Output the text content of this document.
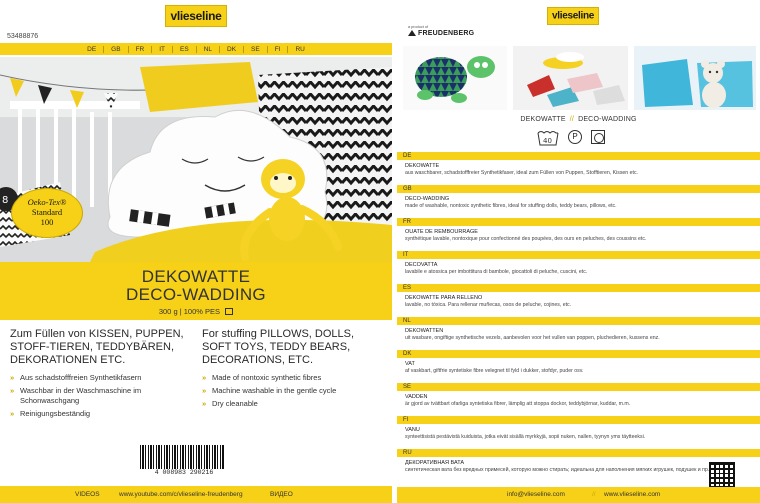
vlieseline
53488876
DE	GB	FR	IT	ES	NL	DK	SE	FI	RU
8	Oeko-Tex®
Standard
100
DEKOWATTE
DECO-WADDING
300 g | 100% PES
Zum Füllen von KISSEN, PUPPEN, STOFF-TIEREN, TEDDYBÄREN, DEKORATIONEN ETC.
» Aus schadstofffreien Synthetikfasern
» Waschbar in der Waschmaschine im Schonwaschgang
» Reinigungsbeständig
For stuffing PILLOWS, DOLLS, SOFT TOYS, TEDDY BEARS, DECORATIONS, ETC.
» Made of nontoxic synthetic fibres
» Machine washable in the gentle cycle
» Dry cleanable
4 008983 290216
VIDEOS	www.youtube.com/c/vlieseline-freudenberg	ВИДЕО
vlieseline
a product of
FREUDENBERG
DEKOWATTE // DECO-WADDING
40	P
DE
DEKOWATTE
aus waschbarer, schadstofffreier Synthetikfaser, ideal zum Füllen von Puppen, Stofftieren, Kissen etc.
GB
DECO-WADDING
made of washable, nontoxic synthetic fibres, ideal for stuffing dolls, teddy bears, pillows, etc.
FR
OUATE DE REMBOURRAGE
synthétique lavable, nontoxique pour confectionné des poupées, des ours en peluches, des coussins etc.
IT
DECOVATTA
lavabile e atossica per imbottitura di bambole, giocattoli di peluche, cuscini, etc.
ES
DEKOWATTE PARA RELLENO
lavable, no tóxica. Para rellenar muñecas, osos de peluche, cojines, etc.
NL
DEKOWATTEN
uit wasbare, ongiftige synthetische vezels, aanbevolen voor het vullen van poppen, pluchedieren, kussens enz.
DK
VAT
af vaskbart, giftfrie syntetiske fibre velegnet til fyld i dukker, stofdyr, puder osv.
SE
VADDEN
är gjord av tvättbart ofarliga syntetiska fibrer, lämplig att stoppa dockor, teddybjörnar, kuddar, m.m.
FI
VANU
synteettisistä pestävistä kuiduista, jotka eivät sisällä myrkkyjä, sopii nuken, nallen, tyynyn yms täytteeksi.
RU
ДЕКОРАТИВНАЯ ВАТА
синтетическая вата без вредных примесей, которую можно стирать; идеальна для наполнения мягких игрушек, подушек и пр.
info@vlieseline.com	// www.vlieseline.com
